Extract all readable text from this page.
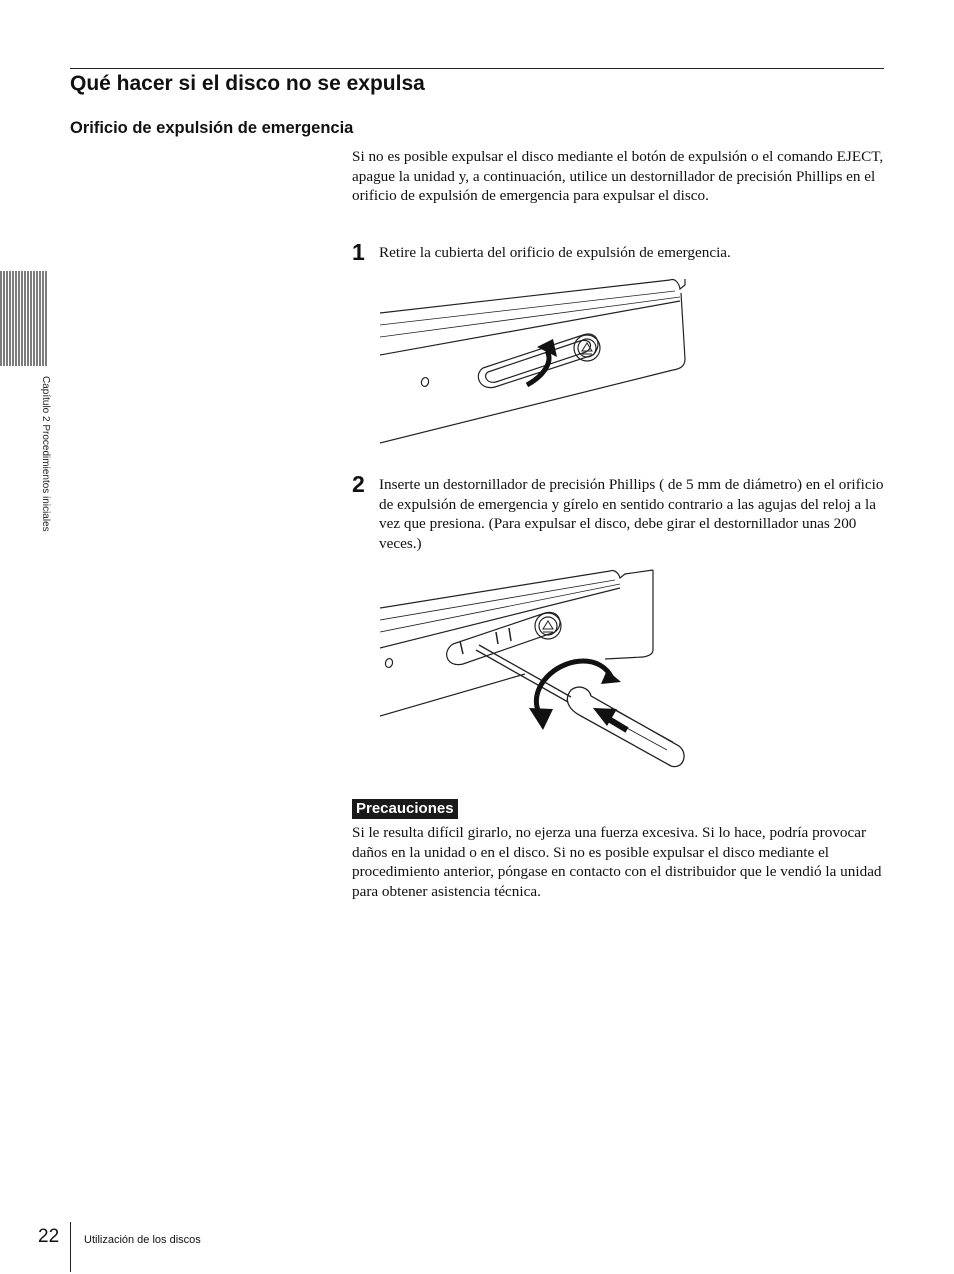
Qué hacer si el disco no se expulsa
Orificio de expulsión de emergencia

Si no es posible expulsar el disco mediante el botón de expulsión o el comando EJECT, apague la unidad y, a continuación, utilice un destornillador de precisión Phillips en el orificio de expulsión de emergencia para expulsar el disco.

1 Retire la cubierta del orificio de expulsión de emergencia.

2 Inserte un destornillador de precisión Phillips ( de 5 mm de diámetro) en el orificio de expulsión de emergencia y gírelo en sentido contrario a las agujas del reloj a la vez que presiona. (Para expulsar el disco, debe girar el destornillador unas 200 veces.)

Precauciones

Si le resulta difícil girarlo, no ejerza una fuerza excesiva. Si lo hace, podría provocar daños en la unidad o en el disco. Si no es posible expulsar el disco mediante el procedimiento anterior, póngase en contacto con el distribuidor que le vendió la unidad para obtener asistencia técnica.

Capítulo 2 Procedimientos iniciales
22 Utilización de los discos
